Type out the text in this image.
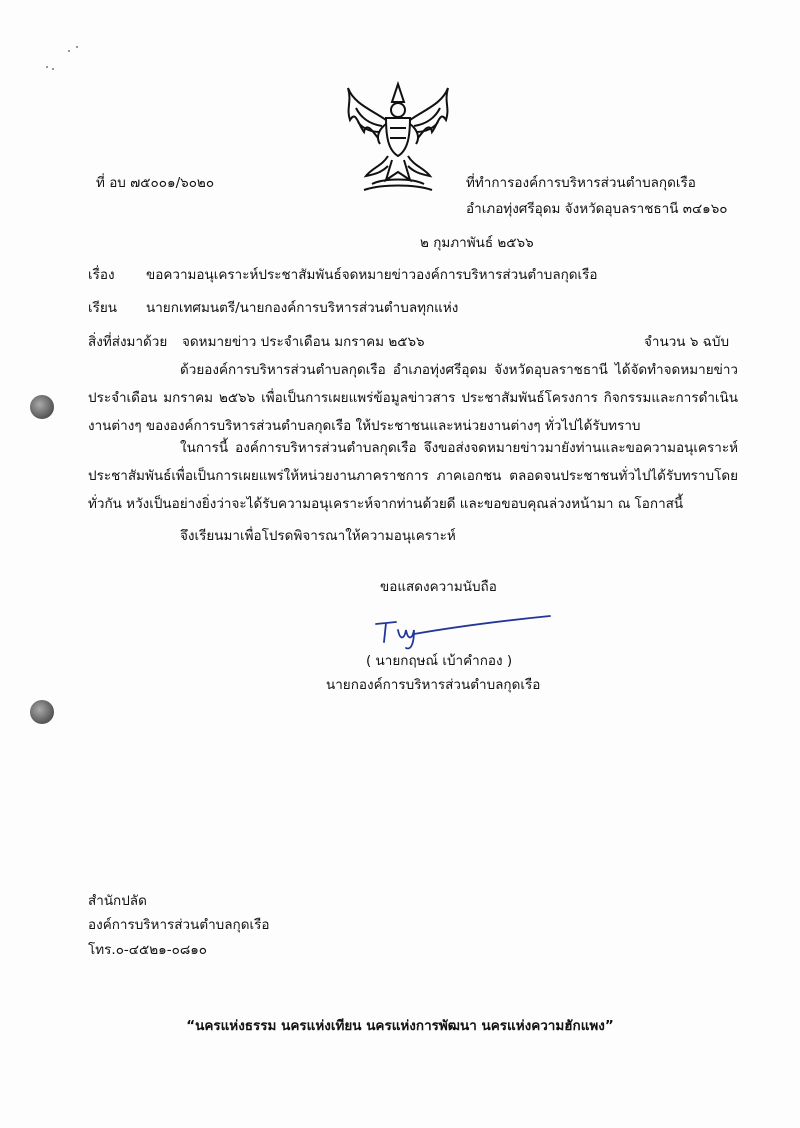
ที่ อบ ๗๕๐๐๑/๖๐๒๐	ที่ทำการองค์การบริหารส่วนตำบลกุดเรือ
อำเภอทุ่งศรีอุดม จังหวัดอุบลราชธานี ๓๔๑๖๐
๒ กุมภาพันธ์ ๒๕๖๖
เรื่อง ขอความอนุเคราะห์ประชาสัมพันธ์จดหมายข่าวองค์การบริหารส่วนตำบลกุดเรือ
เรียน นายกเทศมนตรี/นายกองค์การบริหารส่วนตำบลทุกแห่ง
สิ่งที่ส่งมาด้วย จดหมายข่าว ประจำเดือน มกราคม ๒๕๖๖	จำนวน ๖ ฉบับ

ด้วยองค์การบริหารส่วนตำบลกุดเรือ อำเภอทุ่งศรีอุดม จังหวัดอุบลราชธานี ได้จัดทำจดหมายข่าว ประจำเดือน มกราคม ๒๕๖๖ เพื่อเป็นการเผยแพร่ข้อมูลข่าวสาร ประชาสัมพันธ์โครงการ กิจกรรมและการดำเนินงานต่างๆ ขององค์การบริหารส่วนตำบลกุดเรือ ให้ประชาชนและหน่วยงานต่างๆ ทั่วไปได้รับทราบ

ในการนี้ องค์การบริหารส่วนตำบลกุดเรือ จึงขอส่งจดหมายข่าวมายังท่านและขอความอนุเคราะห์ประชาสัมพันธ์เพื่อเป็นการเผยแพร่ให้หน่วยงานภาคราชการ ภาคเอกชน ตลอดจนประชาชนทั่วไปได้รับทราบโดยทั่วกัน หวังเป็นอย่างยิ่งว่าจะได้รับความอนุเคราะห์จากท่านด้วยดี และขอขอบคุณล่วงหน้ามา ณ โอกาสนี้

จึงเรียนมาเพื่อโปรดพิจารณาให้ความอนุเคราะห์
ขอแสดงความนับถือ
( นายกฤษณ์ เบ้าคำกอง )
นายกองค์การบริหารส่วนตำบลกุดเรือ
สำนักปลัด
องค์การบริหารส่วนตำบลกุดเรือ
โทร.๐-๔๕๒๑-๐๘๑๐
“นครแห่งธรรม นครแห่งเทียน นครแห่งการพัฒนา นครแห่งความฮักแพง”
